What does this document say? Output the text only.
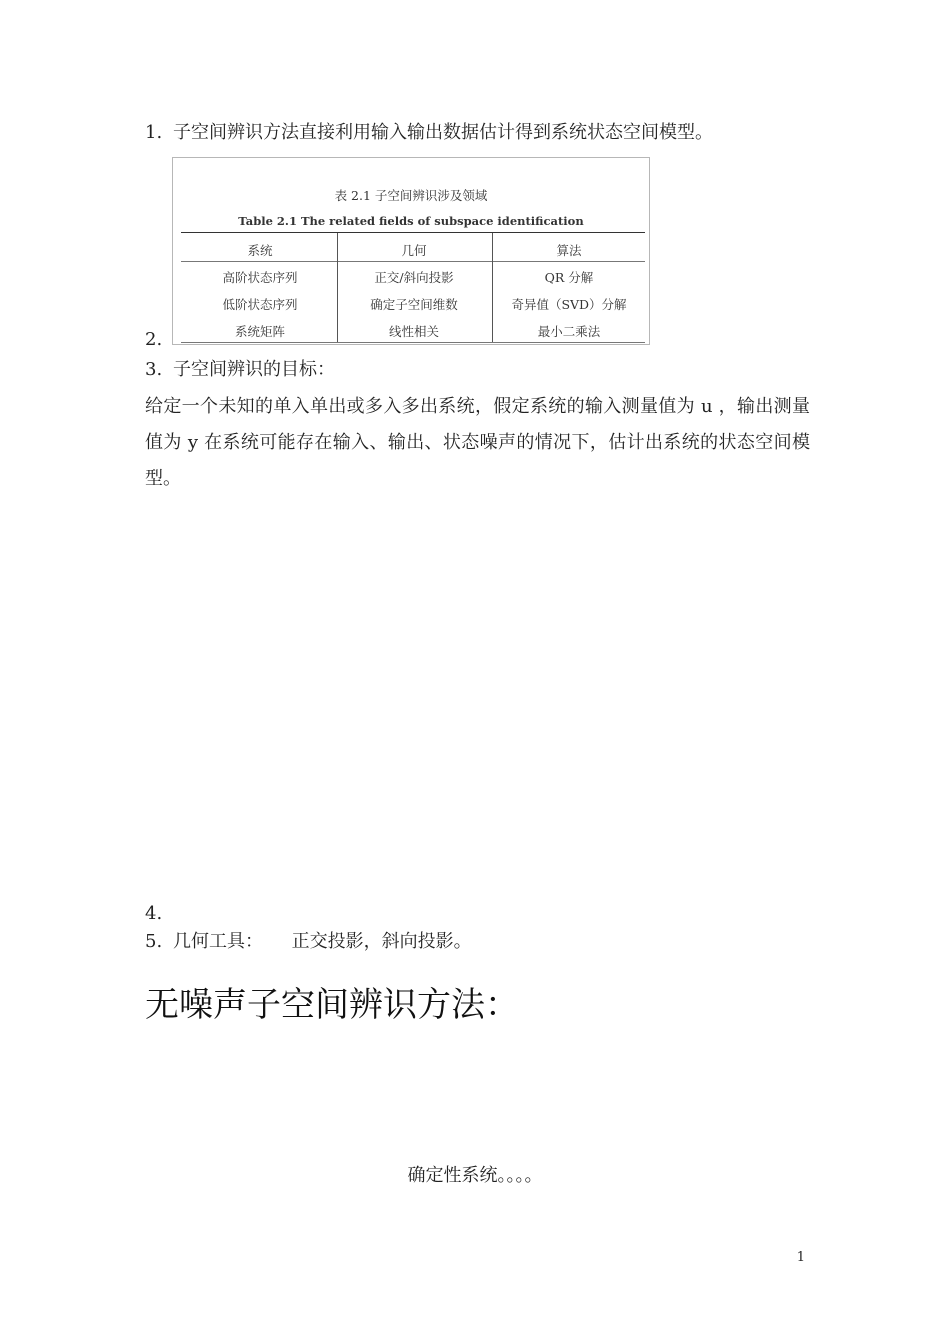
1. 子空间辨识方法直接利用输入输出数据估计得到系统状态空间模型。
表 2.1 子空间辨识涉及领域
Table 2.1 The related fields of subspace identification
系统	几何	算法
高阶状态序列	正交/斜向投影	QR 分解
低阶状态序列	确定子空间维数	奇异值（SVD）分解
系统矩阵	线性相关	最小二乘法
2.
3. 子空间辨识的目标：
给定一个未知的单入单出或多入多出系统，假定系统的输入测量值为 u ，输出测量值为 y 在系统可能存在输入、输出、状态噪声的情况下，估计出系统的状态空间模型。
4.
5. 几何工具：     正交投影，斜向投影。
无噪声子空间辨识方法：
确定性系统。。。。
1
